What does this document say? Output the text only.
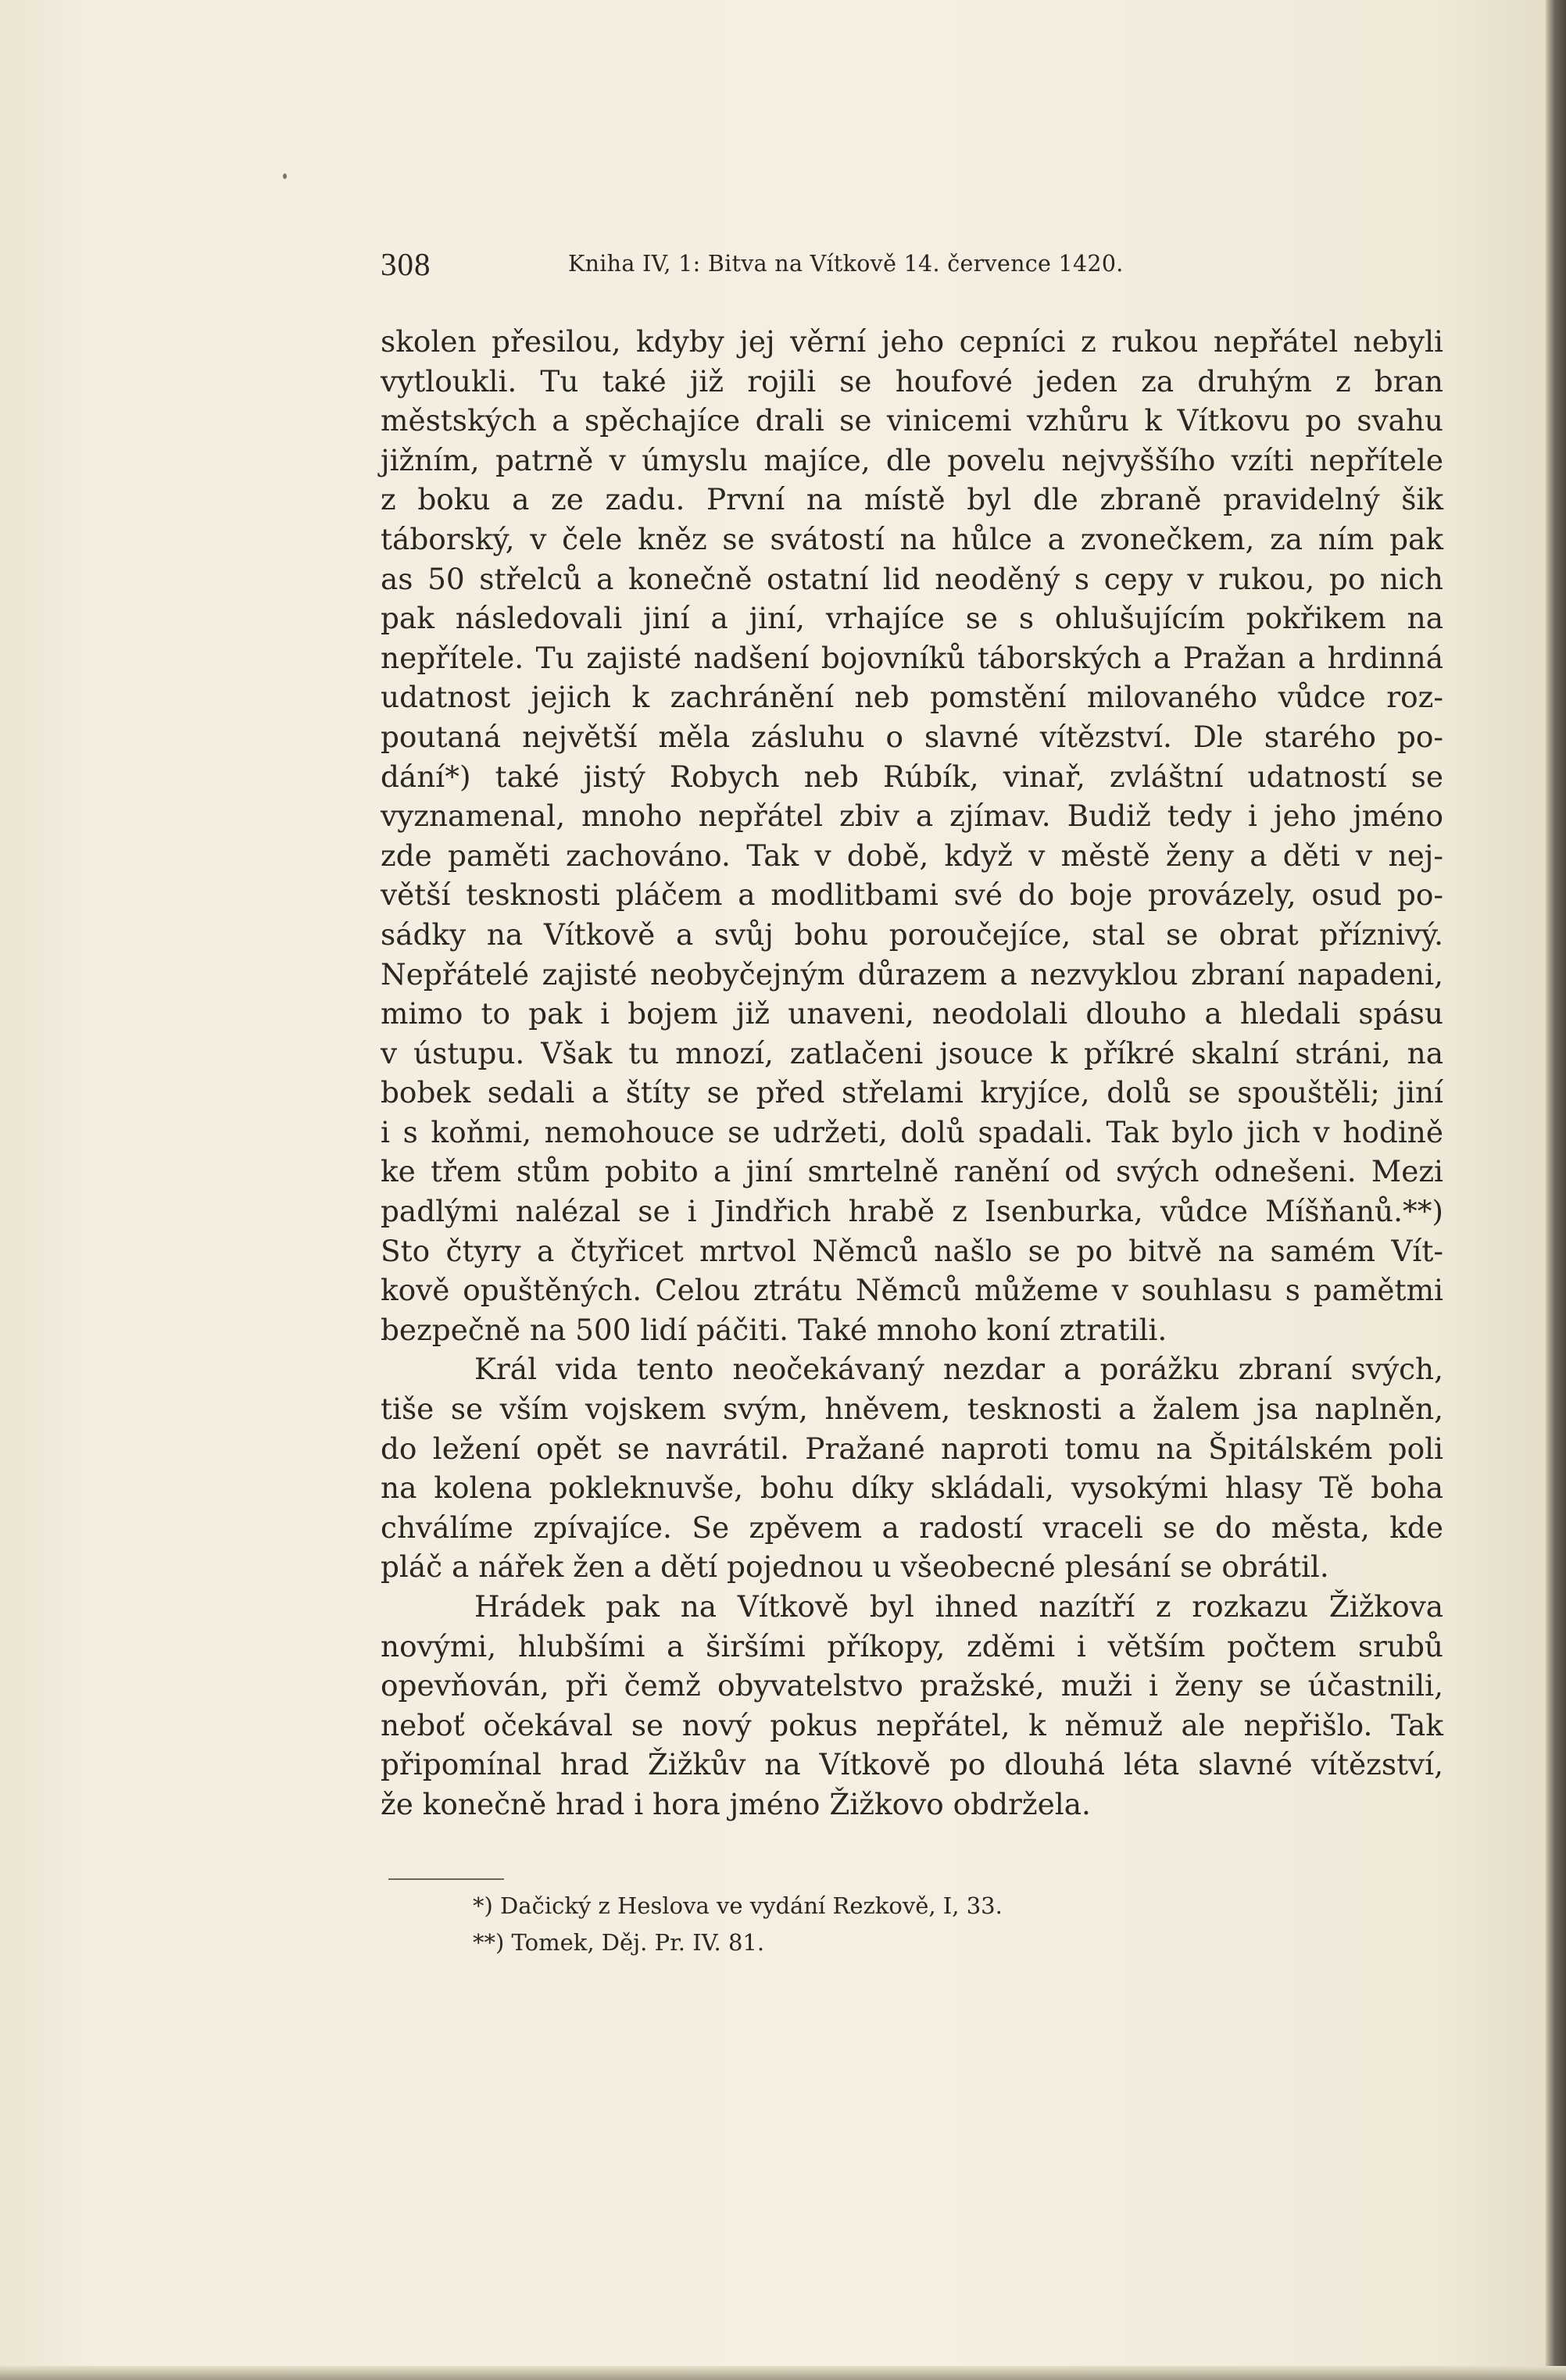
308	Kniha IV, 1: Bitva na Vítkově 14. července 1420.
skolen přesilou, kdyby jej věrní jeho cepníci z rukou nepřátel nebyli
vytloukli. Tu také již rojili se houfové jeden za druhým z bran
městských a spěchajíce drali se vinicemi vzhůru k Vítkovu po svahu
jižním, patrně v úmyslu majíce, dle povelu nejvyššího vzíti nepřítele
z boku a ze zadu. První na místě byl dle zbraně pravidelný šik
táborský, v čele kněz se svátostí na hůlce a zvonečkem, za ním pak
as 50 střelců a konečně ostatní lid neoděný s cepy v rukou, po nich
pak následovali jiní a jiní, vrhajíce se s ohlušujícím pokřikem na
nepřítele. Tu zajisté nadšení bojovníků táborských a Pražan a hrdinná
udatnost jejich k zachránění neb pomstění milovaného vůdce roz-
poutaná největší měla zásluhu o slavné vítězství. Dle starého po-
dání*) také jistý Robych neb Rúbík, vinař, zvláštní udatností se
vyznamenal, mnoho nepřátel zbiv a zjímav. Budiž tedy i jeho jméno
zde paměti zachováno. Tak v době, když v městě ženy a děti v nej-
větší tesknosti pláčem a modlitbami své do boje provázely, osud po-
sádky na Vítkově a svůj bohu poroučejíce, stal se obrat příznivý.
Nepřátelé zajisté neobyčejným důrazem a nezvyklou zbraní napadeni,
mimo to pak i bojem již unaveni, neodolali dlouho a hledali spásu
v ústupu. Však tu mnozí, zatlačeni jsouce k příkré skalní stráni, na
bobek sedali a štíty se před střelami kryjíce, dolů se spouštěli; jiní
i s koňmi, nemohouce se udržeti, dolů spadali. Tak bylo jich v hodině
ke třem stům pobito a jiní smrtelně ranění od svých odnešeni. Mezi
padlými nalézal se i Jindřich hrabě z Isenburka, vůdce Míšňanů.**)
Sto čtyry a čtyřicet mrtvol Němců našlo se po bitvě na samém Vít-
kově opuštěných. Celou ztrátu Němců můžeme v souhlasu s pamětmi
bezpečně na 500 lidí páčiti. Také mnoho koní ztratili.
Král vida tento neočekávaný nezdar a porážku zbraní svých,
tiše se vším vojskem svým, hněvem, tesknosti a žalem jsa naplněn,
do ležení opět se navrátil. Pražané naproti tomu na Špitálském poli
na kolena pokleknuvše, bohu díky skládali, vysokými hlasy Tě boha
chválíme zpívajíce. Se zpěvem a radostí vraceli se do města, kde
pláč a nářek žen a dětí pojednou u všeobecné plesání se obrátil.
Hrádek pak na Vítkově byl ihned nazítří z rozkazu Žižkova
novými, hlubšími a širšími příkopy, zděmi i větším počtem srubů
opevňován, při čemž obyvatelstvo pražské, muži i ženy se účastnili,
neboť očekával se nový pokus nepřátel, k němuž ale nepřišlo. Tak
připomínal hrad Žižkův na Vítkově po dlouhá léta slavné vítězství,
že konečně hrad i hora jméno Žižkovo obdržela.
*) Dačický z Heslova ve vydání Rezkově, I, 33.
**) Tomek, Děj. Pr. IV. 81.
